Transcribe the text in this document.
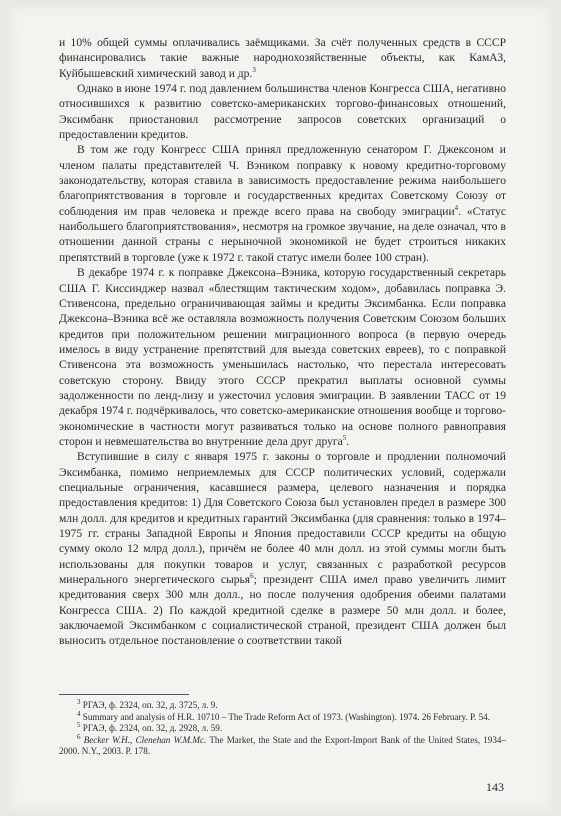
и 10% общей суммы оплачивались заёмщиками. За счёт полученных средств в СССР финансировались такие важные народнохозяйственные объекты, как КамАЗ, Куйбышевский химический завод и др.$^3$

Однако в июне 1974 г. под давлением большинства членов Конгресса США, негативно относившихся к развитию советско-американских торгово-финансовых отношений, Эксимбанк приостановил рассмотрение запросов советских организаций о предоставлении кредитов.

В том же году Конгресс США принял предложенную сенатором Г. Джексоном и членом палаты представителей Ч. Вэником поправку к новому кредитно-торговому законодательству, которая ставила в зависимость предоставление режима наибольшего благоприятствования в торговле и государственных кредитах Советскому Союзу от соблюдения им прав человека и прежде всего права на свободу эмиграции$^4$. «Статус наибольшего благоприятствования», несмотря на громкое звучание, на деле означал, что в отношении данной страны с нерыночной экономикой не будет строиться никаких препятствий в торговле (уже к 1972 г. такой статус имели более 100 стран).

В декабре 1974 г. к поправке Джексона–Вэника, которую государственный секретарь США Г. Киссинджер назвал «блестящим тактическим ходом», добавилась поправка Э. Стивенсона, предельно ограничивающая займы и кредиты Эксимбанка. Если поправка Джексона–Вэника всё же оставляла возможность получения Советским Союзом больших кредитов при положительном решении миграционного вопроса (в первую очередь имелось в виду устранение препятствий для выезда советских евреев), то с поправкой Стивенсона эта возможность уменьшилась настолько, что перестала интересовать советскую сторону. Ввиду этого СССР прекратил выплаты основной суммы задолженности по ленд-лизу и ужесточил условия эмиграции. В заявлении ТАСС от 19 декабря 1974 г. подчёркивалось, что советско-американские отношения вообще и торгово-экономические в частности могут развиваться только на основе полного равноправия сторон и невмешательства во внутренние дела друг друга$^5$.

Вступившие в силу с января 1975 г. законы о торговле и продлении полномочий Эксимбанка, помимо неприемлемых для СССР политических условий, содержали специальные ограничения, касавшиеся размера, целевого назначения и порядка предоставления кредитов: 1) Для Советского Союза был установлен предел в размере 300 млн долл. для кредитов и кредитных гарантий Эксимбанка (для сравнения: только в 1974–1975 гг. страны Западной Европы и Япония предоставили СССР кредиты на общую сумму около 12 млрд долл.), причём не более 40 млн долл. из этой суммы могли быть использованы для покупки товаров и услуг, связанных с разработкой ресурсов минерального энергетического сырья$^6$; президент США имел право увеличить лимит кредитования сверх 300 млн долл., но после получения одобрения обеими палатами Конгресса США. 2) По каждой кредитной сделке в размере 50 млн долл. и более, заключаемой Эксимбанком с социалистической страной, президент США должен был выносить отдельное постановление о соответствии такой

$^3$ РГАЭ, ф. 2324, оп. 32, д. 3725, л. 9.

$^4$ Summary and analysis of H.R. 10710 – The Trade Reform Act of 1973. (Washington). 1974. 26 February. P. 54.

$^5$ РГАЭ, ф. 2324, оп. 32, д. 2928, л. 59.

$^6$ Becker W.H., Clenehan W.M.Mc. The Market, the State and the Export-Import Bank of the United States, 1934–2000. N.Y., 2003. P. 178.

143
